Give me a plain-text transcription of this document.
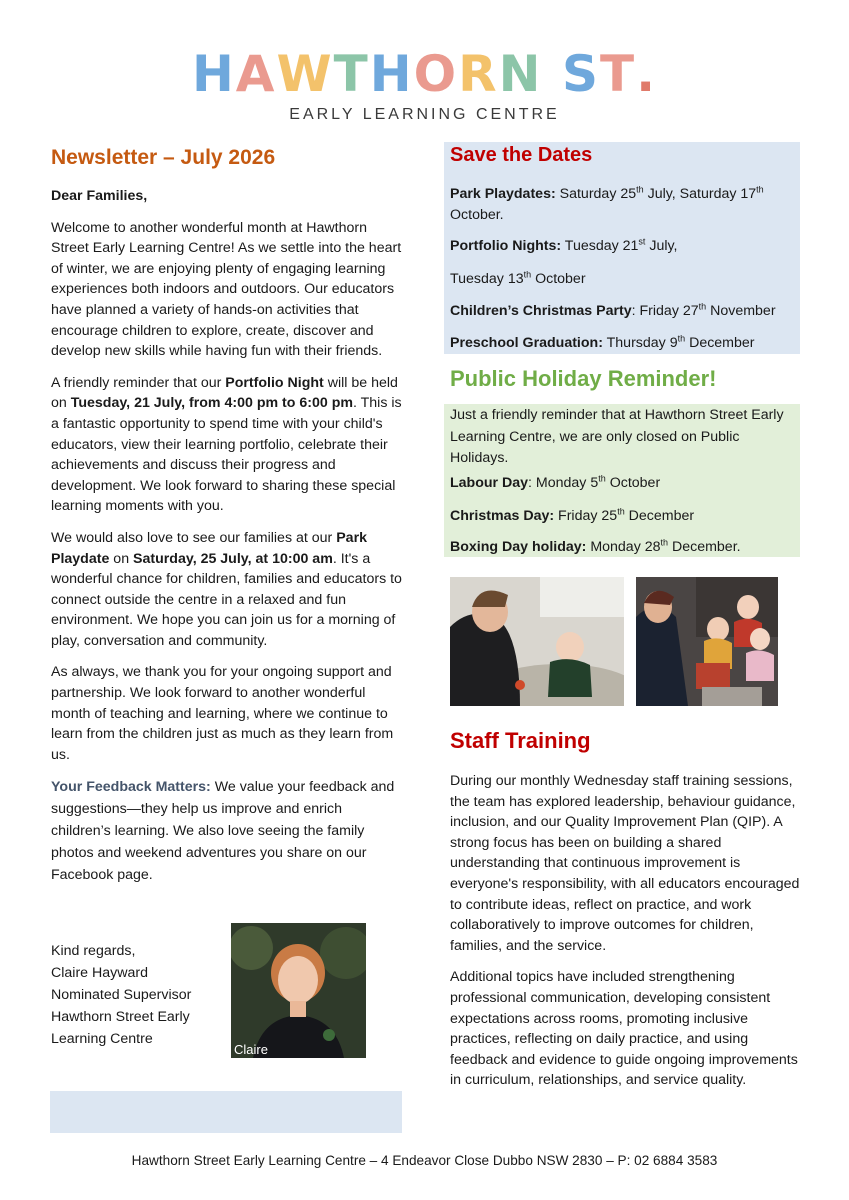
HAWTHORN ST.
EARLY LEARNING CENTRE
Newsletter – July 2026

Dear Families,

Welcome to another wonderful month at Hawthorn Street Early Learning Centre! As we settle into the heart of winter, we are enjoying plenty of engaging learning experiences both indoors and outdoors. Our educators have planned a variety of hands-on activities that encourage children to explore, create, discover and develop new skills while having fun with their friends.

A friendly reminder that our Portfolio Night will be held on Tuesday, 21 July, from 4:00 pm to 6:00 pm. This is a fantastic opportunity to spend time with your child's educators, view their learning portfolio, celebrate their achievements and discuss their progress and development. We look forward to sharing these special learning moments with you.

We would also love to see our families at our Park Playdate on Saturday, 25 July, at 10:00 am. It's a wonderful chance for children, families and educators to connect outside the centre in a relaxed and fun environment. We hope you can join us for a morning of play, conversation and community.

As always, we thank you for your ongoing support and partnership. We look forward to another wonderful month of teaching and learning, where we continue to learn from the children just as much as they learn from us.

Your Feedback Matters: We value your feedback and suggestions—they help us improve and enrich children’s learning. We also love seeing the family photos and weekend adventures you share on our Facebook page.

Kind regards,
Claire Hayward
Nominated Supervisor
Hawthorn Street Early
Learning Centre
Claire
Save the Dates
Park Playdates: Saturday 25th July, Saturday 17th
October.
Portfolio Nights: Tuesday 21st July,
Tuesday 13th October
Children’s Christmas Party: Friday 27th November
Preschool Graduation: Thursday 9th December
Public Holiday Reminder!
Just a friendly reminder that at Hawthorn Street Early Learning Centre, we are only closed on Public Holidays.
Labour Day: Monday 5th October
Christmas Day: Friday 25th December
Boxing Day holiday: Monday 28th December.
Staff Training

During our monthly Wednesday staff training sessions, the team has explored leadership, behaviour guidance, inclusion, and our Quality Improvement Plan (QIP). A strong focus has been on building a shared understanding that continuous improvement is everyone's responsibility, with all educators encouraged to contribute ideas, reflect on practice, and work collaboratively to improve outcomes for children, families, and the service.

Additional topics have included strengthening professional communication, developing consistent expectations across rooms, promoting inclusive practices, reflecting on daily practice, and using feedback and evidence to guide ongoing improvements in curriculum, relationships, and service quality.

Hawthorn Street Early Learning Centre – 4 Endeavor Close Dubbo NSW 2830 – P: 02 6884 3583
